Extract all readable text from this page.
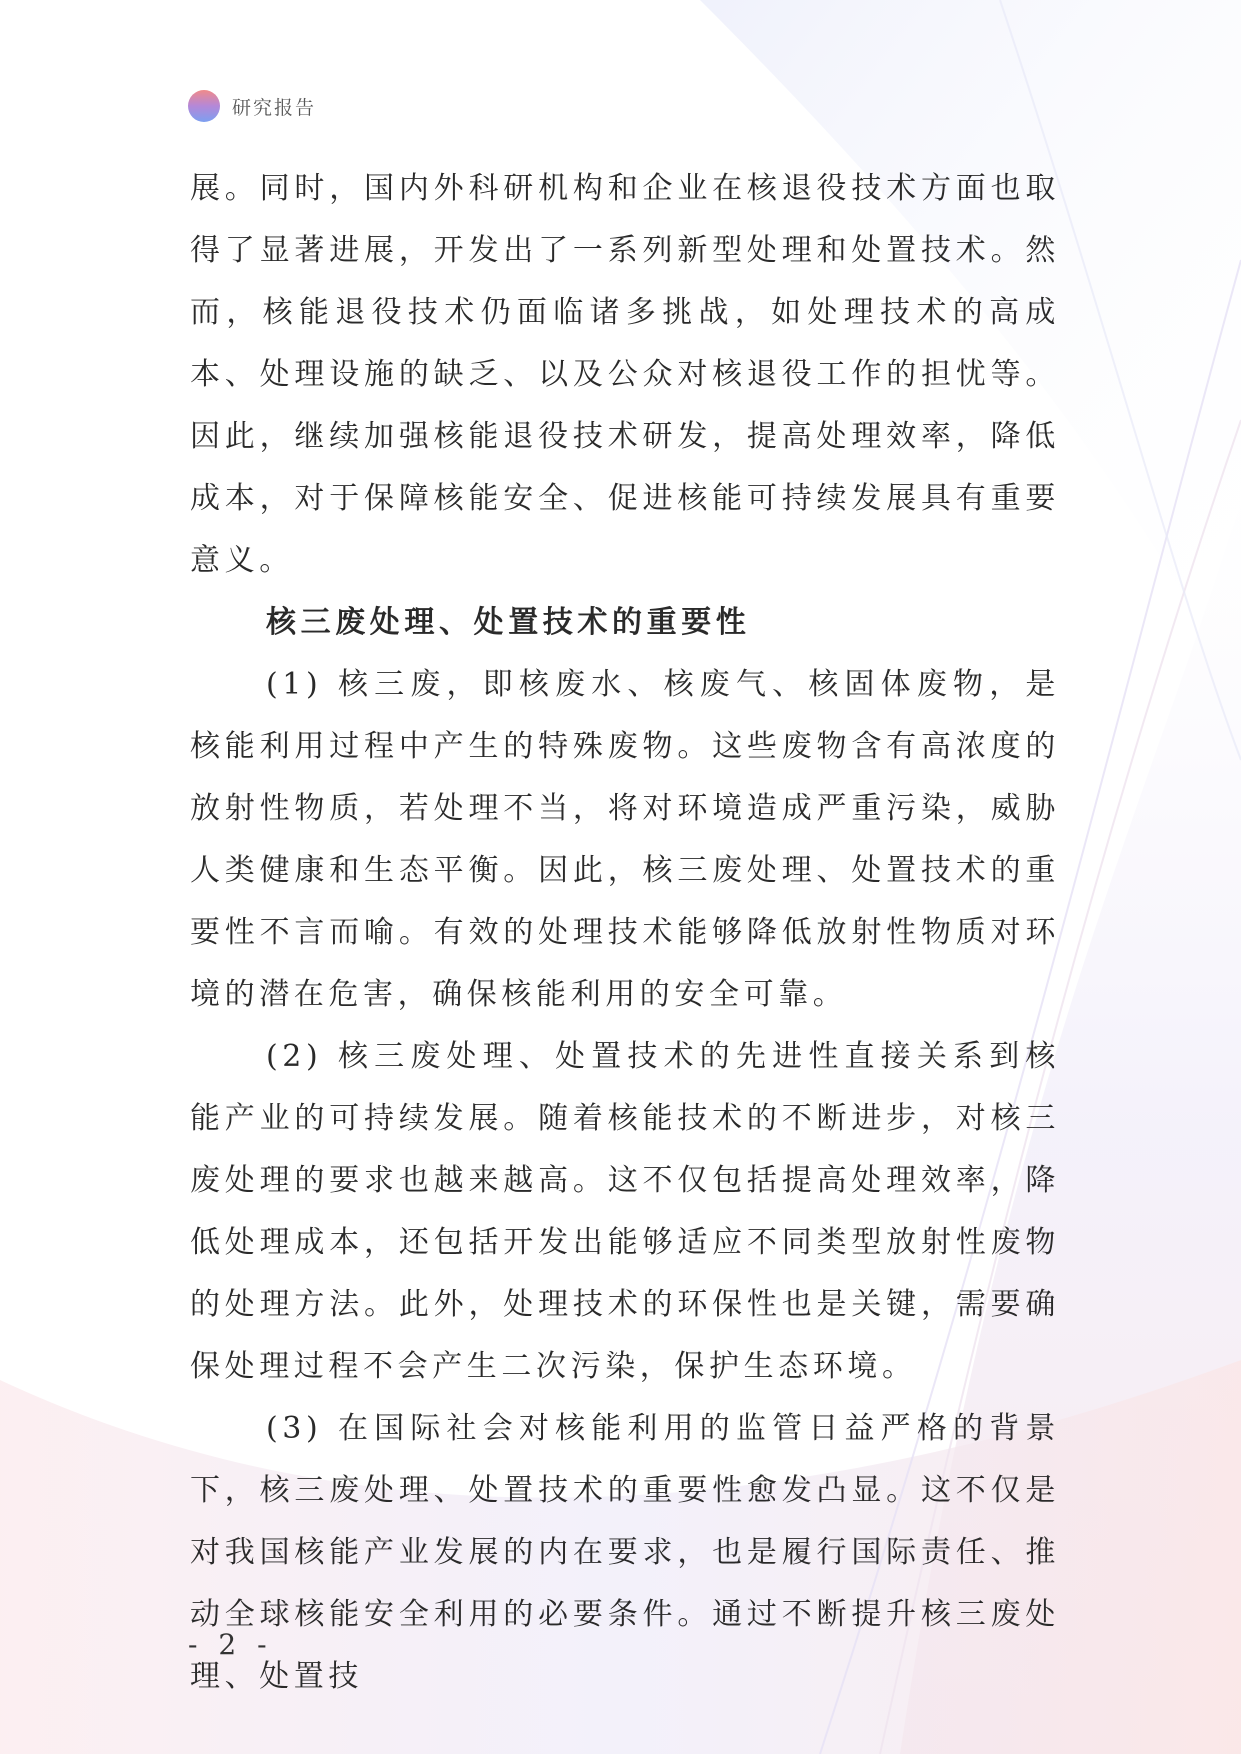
研究报告

展。同时，国内外科研机构和企业在核退役技术方面也取得了显著进展，开发出了一系列新型处理和处置技术。然而，核能退役技术仍面临诸多挑战，如处理技术的高成本、处理设施的缺乏、以及公众对核退役工作的担忧等。因此，继续加强核能退役技术研发，提高处理效率，降低成本，对于保障核能安全、促进核能可持续发展具有重要意义。

核三废处理、处置技术的重要性

(1) 核三废，即核废水、核废气、核固体废物，是核能利用过程中产生的特殊废物。这些废物含有高浓度的放射性物质，若处理不当，将对环境造成严重污染，威胁人类健康和生态平衡。因此，核三废处理、处置技术的重要性不言而喻。有效的处理技术能够降低放射性物质对环境的潜在危害，确保核能利用的安全可靠。

(2) 核三废处理、处置技术的先进性直接关系到核能产业的可持续发展。随着核能技术的不断进步，对核三废处理的要求也越来越高。这不仅包括提高处理效率，降低处理成本，还包括开发出能够适应不同类型放射性废物的处理方法。此外，处理技术的环保性也是关键，需要确保处理过程不会产生二次污染，保护生态环境。

(3) 在国际社会对核能利用的监管日益严格的背景下，核三废处理、处置技术的重要性愈发凸显。这不仅是对我国核能产业发展的内在要求，也是履行国际责任、推动全球核能安全利用的必要条件。通过不断提升核三废处理、处置技

- 2 -
